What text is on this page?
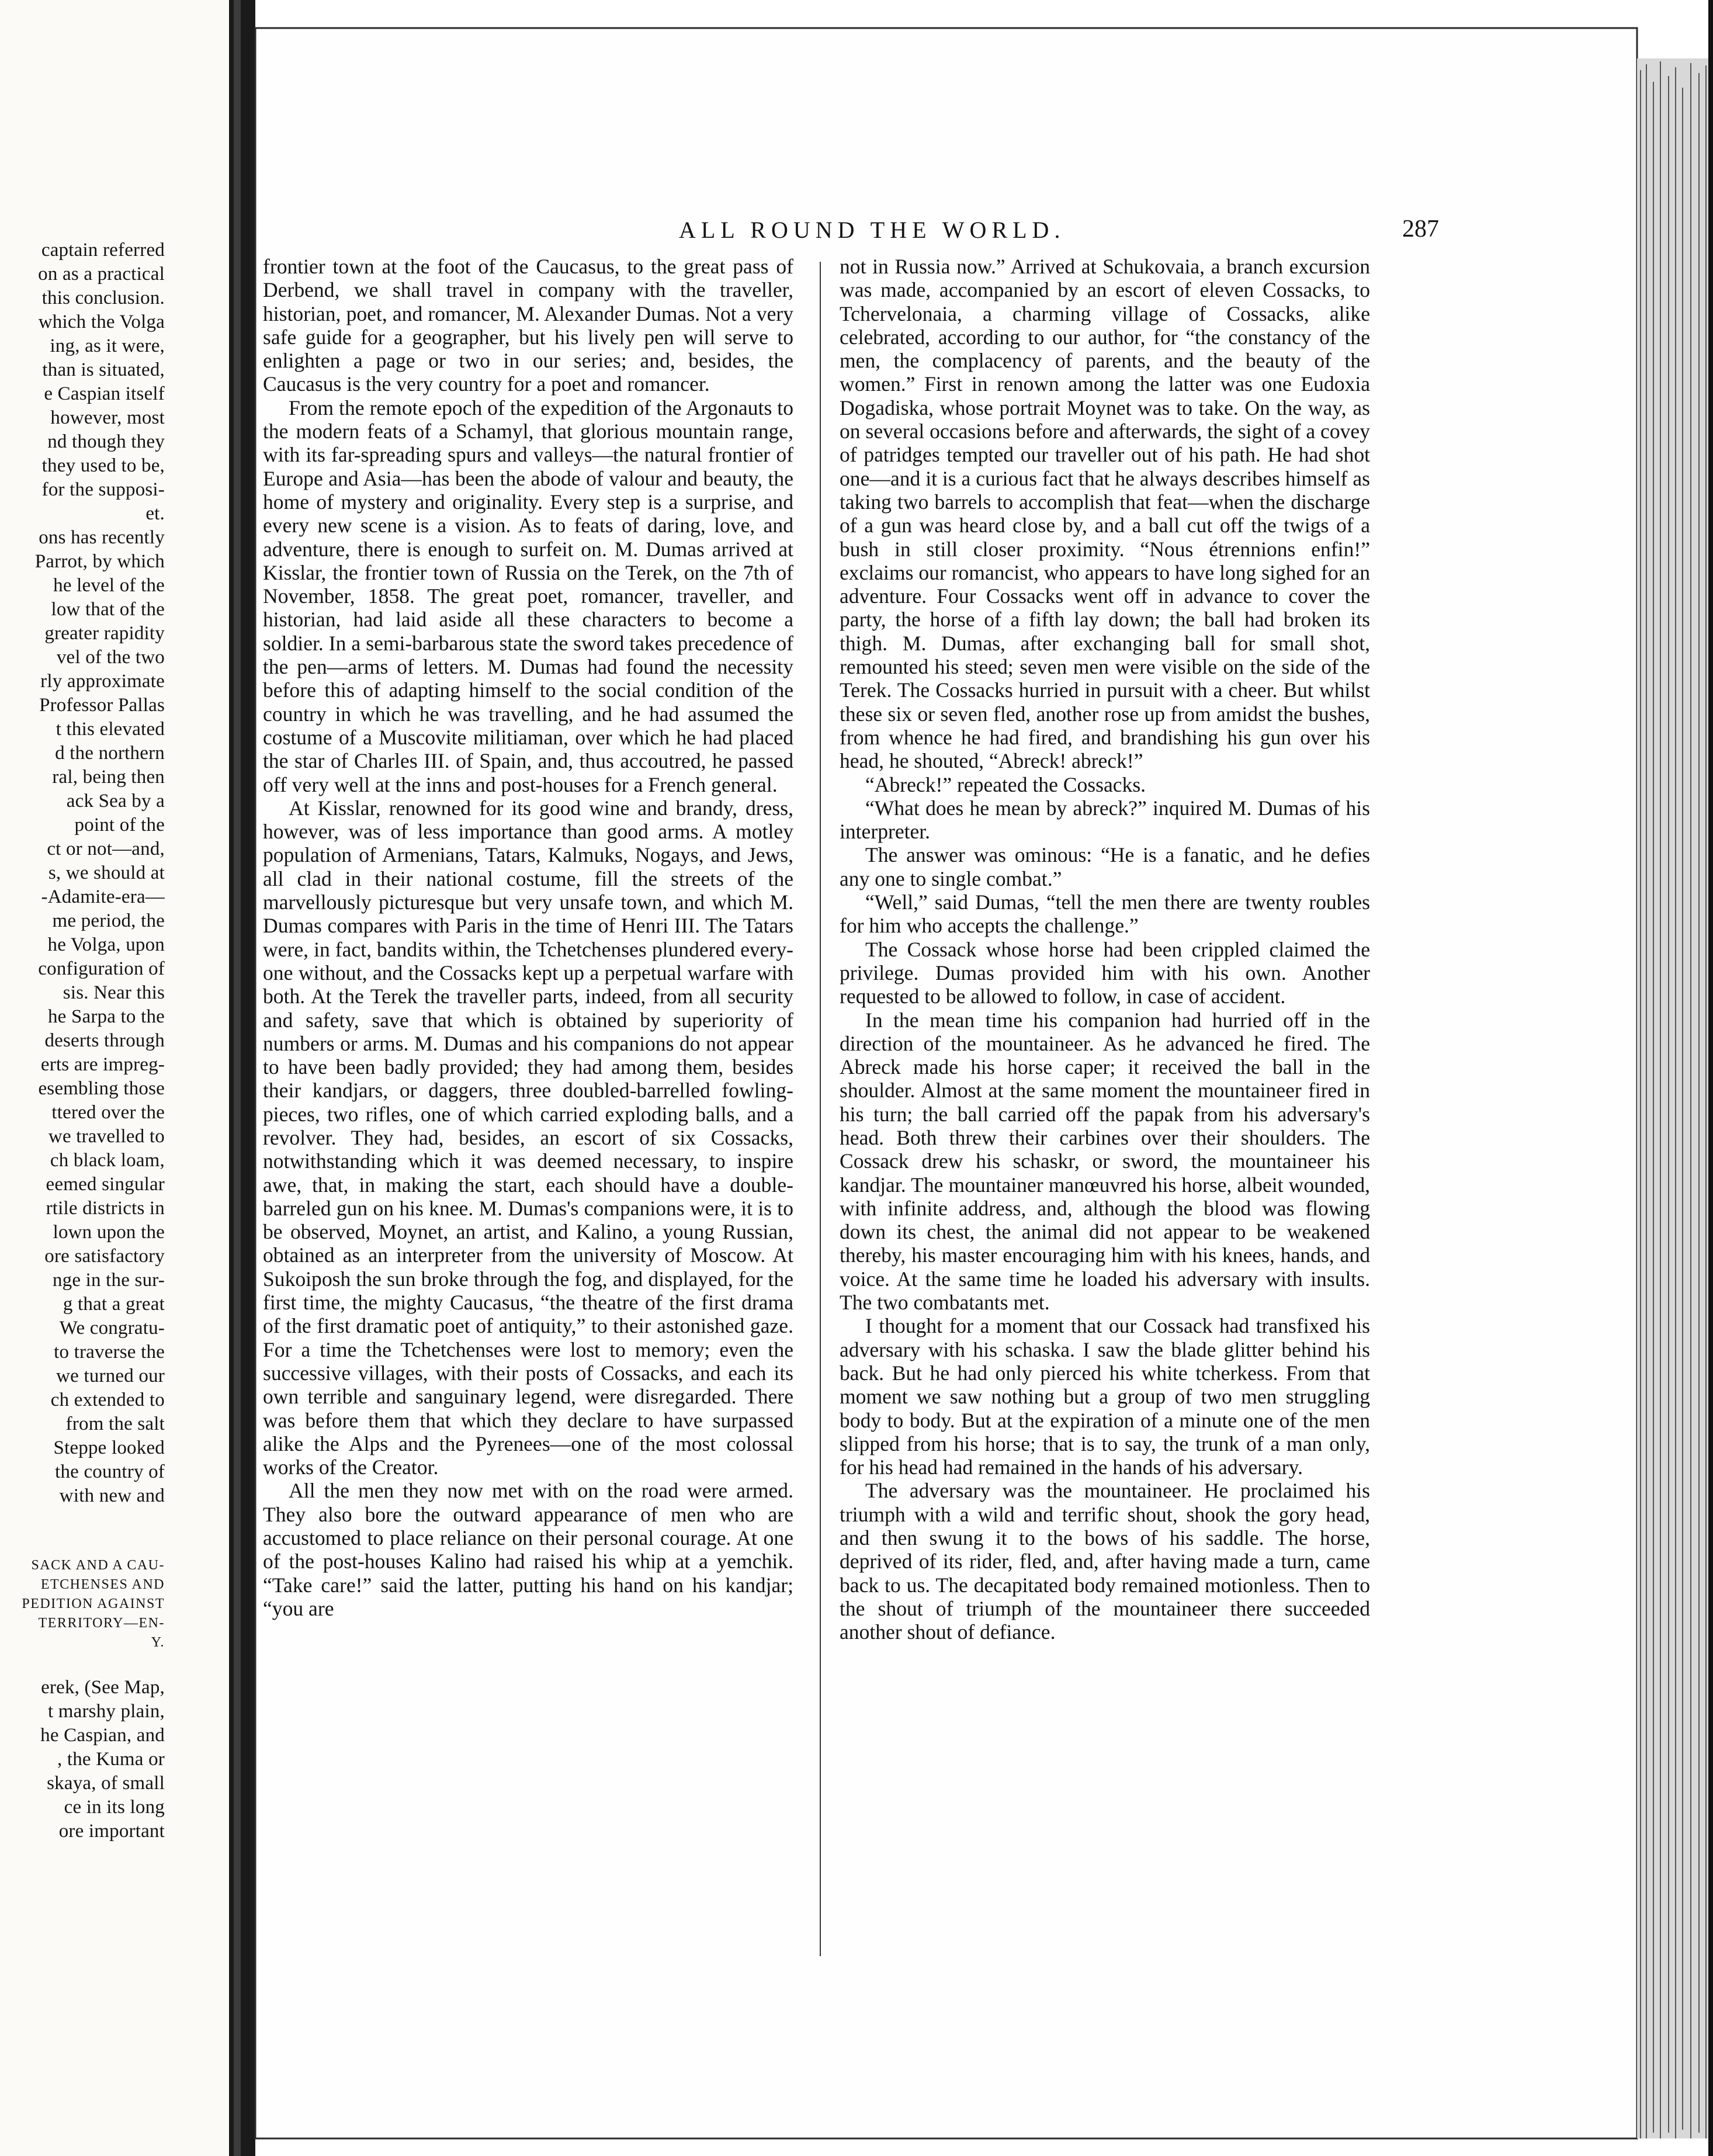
captain referred
on as a practical
this conclusion.
which the Volga
ing, as it were,
than is situated,
e Caspian itself
however, most
nd though they
they used to be,
for the supposi-
et.
ons has recently
Parrot, by which
he level of the
low that of the
greater rapidity
vel of the two
rly approximate
Professor Pallas
t this elevated
d the northern
ral, being then
ack Sea by a
point of the
ct or not—and,
s, we should at
-Adamite-era—
me period, the
he Volga, upon
configuration of
sis. Near this
he Sarpa to the
deserts through
erts are impreg-
esembling those
ttered over the
we travelled to
ch black loam,
eemed singular
rtile districts in
lown upon the
ore satisfactory
nge in the sur-
g that a great
We congratu-
to traverse the
we turned our
ch extended to
from the salt
Steppe looked
the country of
with new and
SACK AND A CAU-
ETCHENSES AND
PEDITION AGAINST
TERRITORY—EN-
Y.
erek, (See Map,
t marshy plain,
he Caspian, and
, the Kuma or
skaya, of small
ce in its long
ore important
ALL ROUND THE WORLD.	287

frontier town at the foot of the Caucasus, to the great pass of Derbend, we shall travel in company with the traveller, historian, poet, and romancer, M. Alexander Dumas. Not a very safe guide for a geographer, but his lively pen will serve to enlighten a page or two in our series; and, besides, the Caucasus is the very country for a poet and romancer.

From the remote epoch of the expedition of the Argonauts to the modern feats of a Schamyl, that glorious mountain range, with its far-spreading spurs and valleys—the natural frontier of Europe and Asia—has been the abode of valour and beauty, the home of mystery and originality. Every step is a surprise, and every new scene is a vision. As to feats of daring, love, and adventure, there is enough to surfeit on. M. Dumas arrived at Kisslar, the frontier town of Russia on the Terek, on the 7th of November, 1858. The great poet, romancer, traveller, and historian, had laid aside all these characters to become a soldier. In a semi-barbarous state the sword takes precedence of the pen—arms of letters. M. Dumas had found the necessity before this of adapting himself to the social condition of the country in which he was travelling, and he had assumed the costume of a Muscovite militiaman, over which he had placed the star of Charles III. of Spain, and, thus accoutred, he passed off very well at the inns and post-houses for a French general.

At Kisslar, renowned for its good wine and brandy, dress, however, was of less importance than good arms. A motley population of Armenians, Tatars, Kalmuks, Nogays, and Jews, all clad in their national costume, fill the streets of the marvellously picturesque but very unsafe town, and which M. Dumas compares with Paris in the time of Henri III. The Tatars were, in fact, bandits within, the Tchetchenses plundered every-one without, and the Cossacks kept up a perpetual warfare with both. At the Terek the traveller parts, indeed, from all security and safety, save that which is obtained by superiority of numbers or arms. M. Dumas and his companions do not appear to have been badly provided; they had among them, besides their kandjars, or daggers, three doubled-barrelled fowling-pieces, two rifles, one of which carried exploding balls, and a revolver. They had, besides, an escort of six Cossacks, notwithstanding which it was deemed necessary, to inspire awe, that, in making the start, each should have a double-barreled gun on his knee. M. Dumas's companions were, it is to be observed, Moynet, an artist, and Kalino, a young Russian, obtained as an interpreter from the university of Moscow. At Sukoiposh the sun broke through the fog, and displayed, for the first time, the mighty Caucasus, “the theatre of the first drama of the first dramatic poet of antiquity,” to their astonished gaze. For a time the Tchetchenses were lost to memory; even the successive villages, with their posts of Cossacks, and each its own terrible and sanguinary legend, were disregarded. There was before them that which they declare to have surpassed alike the Alps and the Pyrenees—one of the most colossal works of the Creator.

All the men they now met with on the road were armed. They also bore the outward appearance of men who are accustomed to place reliance on their personal courage. At one of the post-houses Kalino had raised his whip at a yemchik. “Take care!” said the latter, putting his hand on his kandjar; “you are

not in Russia now.” Arrived at Schukovaia, a branch excursion was made, accompanied by an escort of eleven Cossacks, to Tchervelonaia, a charming village of Cossacks, alike celebrated, according to our author, for “the constancy of the men, the complacency of parents, and the beauty of the women.” First in renown among the latter was one Eudoxia Dogadiska, whose portrait Moynet was to take. On the way, as on several occasions before and afterwards, the sight of a covey of patridges tempted our traveller out of his path. He had shot one—and it is a curious fact that he always describes himself as taking two barrels to accomplish that feat—when the discharge of a gun was heard close by, and a ball cut off the twigs of a bush in still closer proximity. “Nous étrennions enfin!” exclaims our romancist, who appears to have long sighed for an adventure. Four Cossacks went off in advance to cover the party, the horse of a fifth lay down; the ball had broken its thigh. M. Dumas, after exchanging ball for small shot, remounted his steed; seven men were visible on the side of the Terek. The Cossacks hurried in pursuit with a cheer. But whilst these six or seven fled, another rose up from amidst the bushes, from whence he had fired, and brandishing his gun over his head, he shouted, “Abreck! abreck!”

“Abreck!” repeated the Cossacks.

“What does he mean by abreck?” inquired M. Dumas of his interpreter.

The answer was ominous: “He is a fanatic, and he defies any one to single combat.”

“Well,” said Dumas, “tell the men there are twenty roubles for him who accepts the challenge.”

The Cossack whose horse had been crippled claimed the privilege. Dumas provided him with his own. Another requested to be allowed to follow, in case of accident.

In the mean time his companion had hurried off in the direction of the mountaineer. As he advanced he fired. The Abreck made his horse caper; it received the ball in the shoulder. Almost at the same moment the mountaineer fired in his turn; the ball carried off the papak from his adversary's head. Both threw their carbines over their shoulders. The Cossack drew his schaskr, or sword, the mountaineer his kandjar. The mountainer manœuvred his horse, albeit wounded, with infinite address, and, although the blood was flowing down its chest, the animal did not appear to be weakened thereby, his master encouraging him with his knees, hands, and voice. At the same time he loaded his adversary with insults. The two combatants met.

I thought for a moment that our Cossack had transfixed his adversary with his schaska. I saw the blade glitter behind his back. But he had only pierced his white tcherkess. From that moment we saw nothing but a group of two men struggling body to body. But at the expiration of a minute one of the men slipped from his horse; that is to say, the trunk of a man only, for his head had remained in the hands of his adversary.

The adversary was the mountaineer. He proclaimed his triumph with a wild and terrific shout, shook the gory head, and then swung it to the bows of his saddle. The horse, deprived of its rider, fled, and, after having made a turn, came back to us. The decapitated body remained motionless. Then to the shout of triumph of the mountaineer there succeeded another shout of defiance.
